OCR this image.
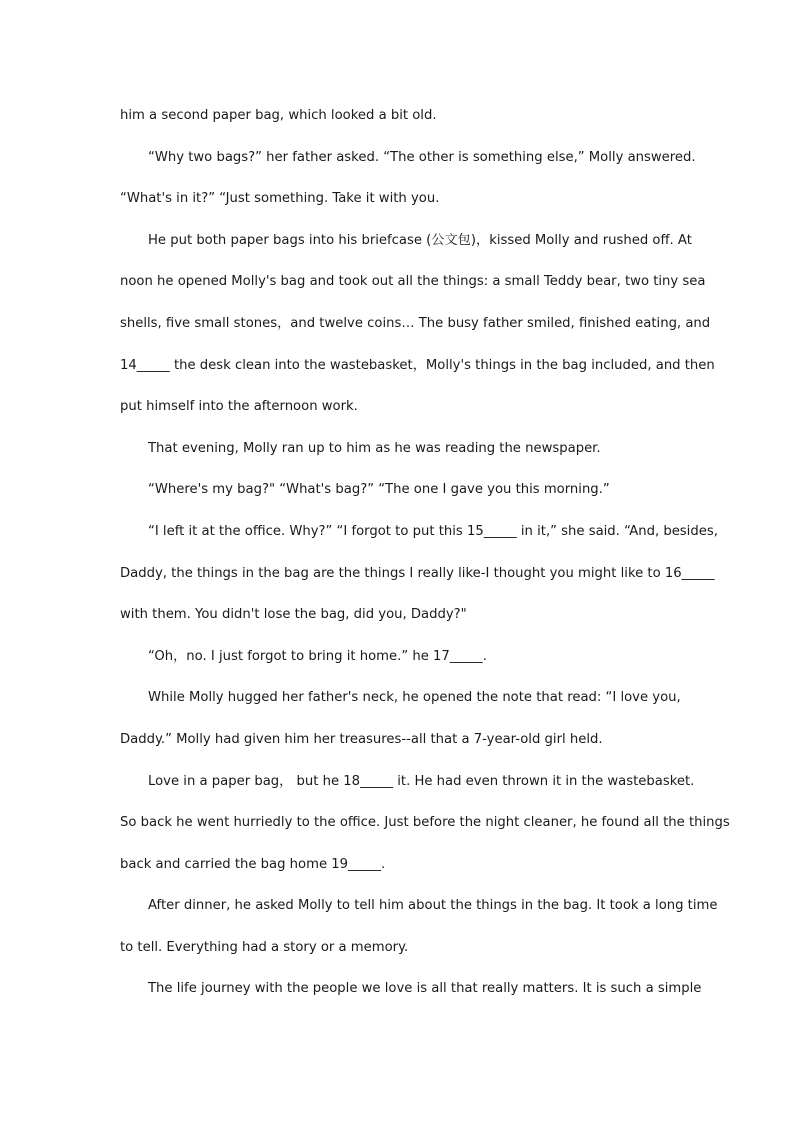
him a second paper bag, which looked a bit old.
“Why two bags?” her father asked. “The other is something else,” Molly answered.
“What's in it?” “Just something. Take it with you.
He put both paper bags into his briefcase (公文包)，kissed Molly and rushed off. At
noon he opened Molly's bag and took out all the things: a small Teddy bear, two tiny sea
shells, five small stones，and twelve coins… The busy father smiled, finished eating, and
14_____ the desk clean into the wastebasket，Molly's things in the bag included, and then
put himself into the afternoon work.
That evening, Molly ran up to him as he was reading the newspaper.
“Where's my bag?" “What's bag?” “The one I gave you this morning.”
“I left it at the office. Why?” “I forgot to put this 15_____ in it,” she said. “And, besides,
Daddy, the things in the bag are the things I really like-I thought you might like to 16_____
with them. You didn't lose the bag, did you, Daddy?"
“Oh，no. I just forgot to bring it home.” he 17_____.
While Molly hugged her father's neck, he opened the note that read: “I love you,
Daddy.” Molly had given him her treasures--all that a 7-year-old girl held.
Love in a paper bag， but he 18_____ it. He had even thrown it in the wastebasket.
So back he went hurriedly to the office. Just before the night cleaner, he found all the things
back and carried the bag home 19_____.
After dinner, he asked Molly to tell him about the things in the bag. It took a long time
to tell. Everything had a story or a memory.
The life journey with the people we love is all that really matters. It is such a simple
